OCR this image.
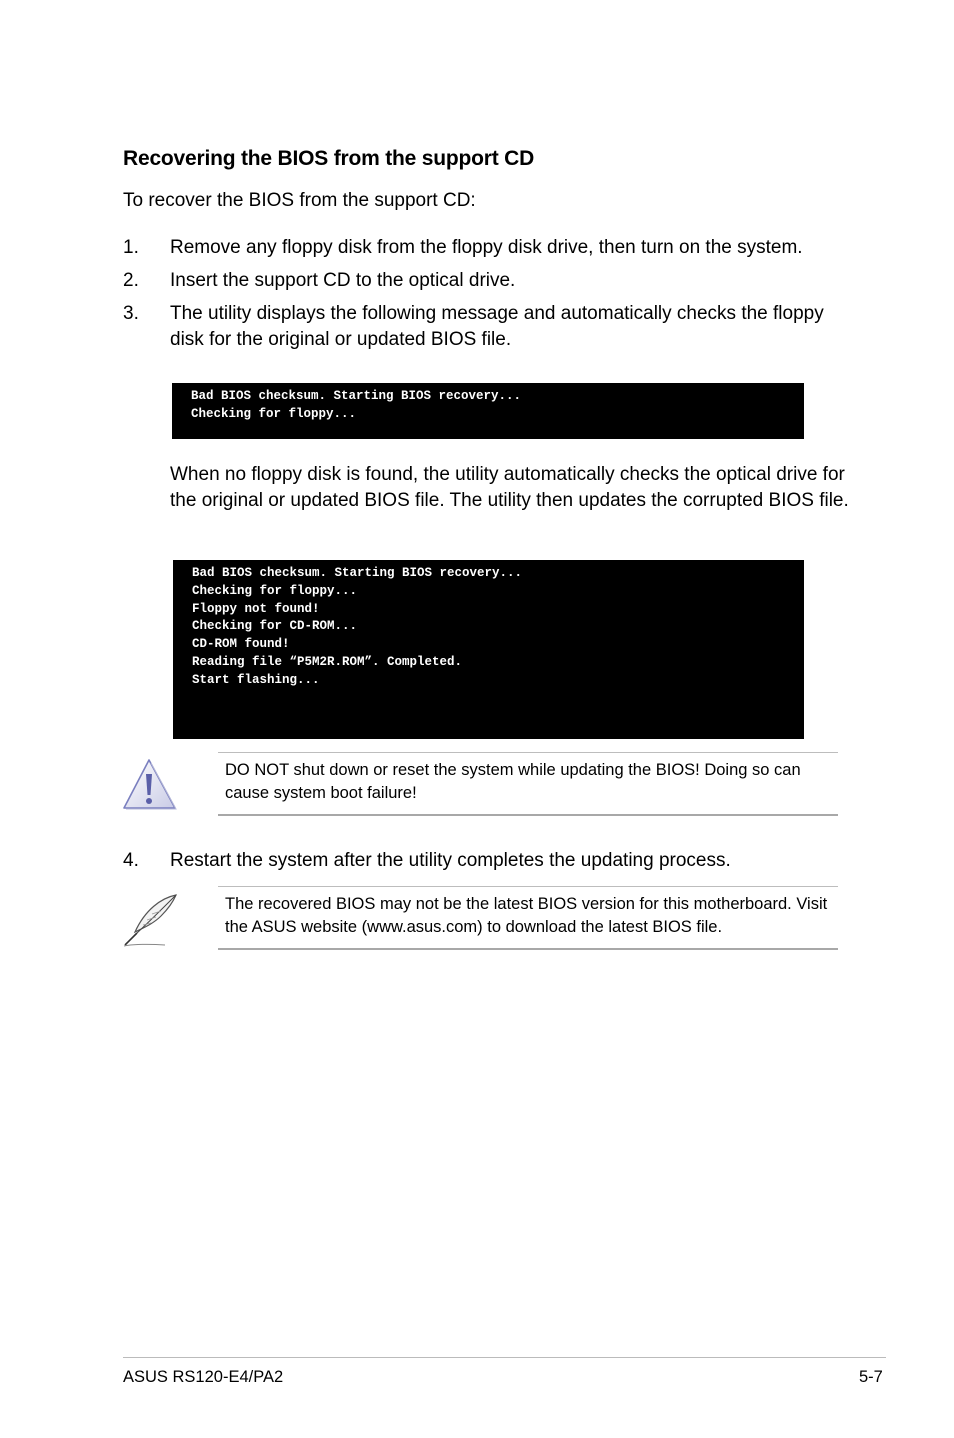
Recovering the BIOS from the support CD
To recover the BIOS from the support CD:
1. Remove any floppy disk from the floppy disk drive, then turn on the system.
2. Insert the support CD to the optical drive.
3. The utility displays the following message and automatically checks the floppy disk for the original or updated BIOS file.
Bad BIOS checksum. Starting BIOS recovery...
Checking for floppy...
When no floppy disk is found, the utility automatically checks the optical drive for the original or updated BIOS file. The utility then updates the corrupted BIOS file.
Bad BIOS checksum. Starting BIOS recovery...
Checking for floppy...
Floppy not found!
Checking for CD-ROM...
CD-ROM found!
Reading file “P5M2R.ROM”. Completed.
Start flashing...
DO NOT shut down or reset the system while updating the BIOS! Doing so can cause system boot failure!
4. Restart the system after the utility completes the updating process.
The recovered BIOS may not be the latest BIOS version for this motherboard. Visit the ASUS website (www.asus.com) to download the latest BIOS file.
ASUS RS120-E4/PA2	5-7
